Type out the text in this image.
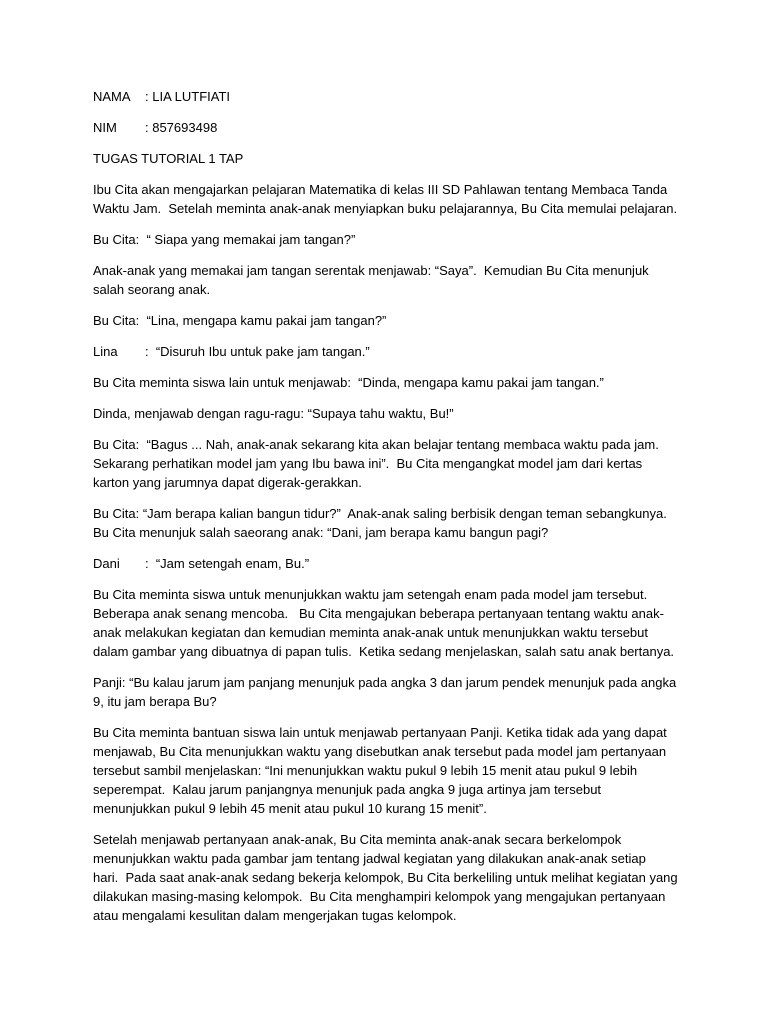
NAMA : LIA LUTFIATI

NIM : 857693498

TUGAS TUTORIAL 1 TAP

Ibu Cita akan mengajarkan pelajaran Matematika di kelas III SD Pahlawan tentang Membaca Tanda
Waktu Jam.  Setelah meminta anak-anak menyiapkan buku pelajarannya, Bu Cita memulai pelajaran.

Bu Cita:  “ Siapa yang memakai jam tangan?”

Anak-anak yang memakai jam tangan serentak menjawab: “Saya”.  Kemudian Bu Cita menunjuk
salah seorang anak.

Bu Cita:  “Lina, mengapa kamu pakai jam tangan?”

Lina :  “Disuruh Ibu untuk pake jam tangan.”

Bu Cita meminta siswa lain untuk menjawab:  “Dinda, mengapa kamu pakai jam tangan.”

Dinda, menjawab dengan ragu-ragu: “Supaya tahu waktu, Bu!”

Bu Cita:  “Bagus ... Nah, anak-anak sekarang kita akan belajar tentang membaca waktu pada jam.
Sekarang perhatikan model jam yang Ibu bawa ini”.  Bu Cita mengangkat model jam dari kertas
karton yang jarumnya dapat digerak-gerakkan.

Bu Cita: “Jam berapa kalian bangun tidur?”  Anak-anak saling berbisik dengan teman sebangkunya.
Bu Cita menunjuk salah saeorang anak: “Dani, jam berapa kamu bangun pagi?

Dani :  “Jam setengah enam, Bu.”

Bu Cita meminta siswa untuk menunjukkan waktu jam setengah enam pada model jam tersebut.
Beberapa anak senang mencoba.   Bu Cita mengajukan beberapa pertanyaan tentang waktu anak-
anak melakukan kegiatan dan kemudian meminta anak-anak untuk menunjukkan waktu tersebut
dalam gambar yang dibuatnya di papan tulis.  Ketika sedang menjelaskan, salah satu anak bertanya.

Panji: “Bu kalau jarum jam panjang menunjuk pada angka 3 dan jarum pendek menunjuk pada angka
9, itu jam berapa Bu?

Bu Cita meminta bantuan siswa lain untuk menjawab pertanyaan Panji. Ketika tidak ada yang dapat
menjawab, Bu Cita menunjukkan waktu yang disebutkan anak tersebut pada model jam pertanyaan
tersebut sambil menjelaskan: “Ini menunjukkan waktu pukul 9 lebih 15 menit atau pukul 9 lebih
seperempat.  Kalau jarum panjangnya menunjuk pada angka 9 juga artinya jam tersebut
menunjukkan pukul 9 lebih 45 menit atau pukul 10 kurang 15 menit”.

Setelah menjawab pertanyaan anak-anak, Bu Cita meminta anak-anak secara berkelompok
menunjukkan waktu pada gambar jam tentang jadwal kegiatan yang dilakukan anak-anak setiap
hari.  Pada saat anak-anak sedang bekerja kelompok, Bu Cita berkeliling untuk melihat kegiatan yang
dilakukan masing-masing kelompok.  Bu Cita menghampiri kelompok yang mengajukan pertanyaan
atau mengalami kesulitan dalam mengerjakan tugas kelompok.
